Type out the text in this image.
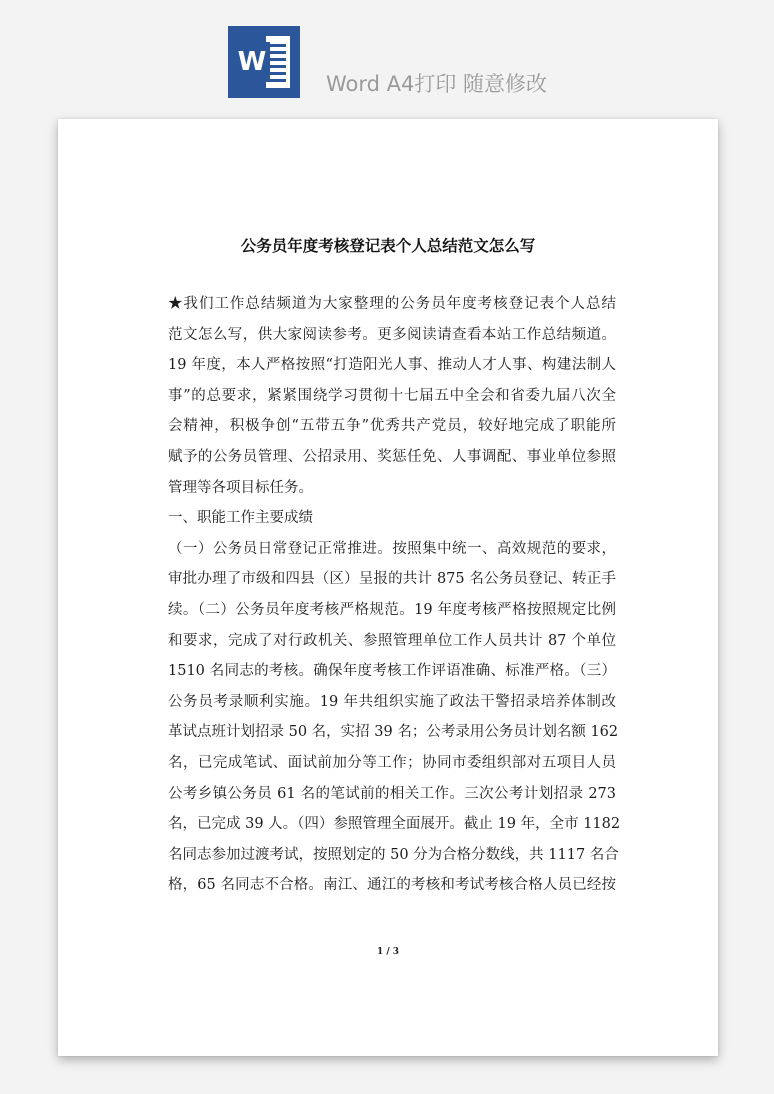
W
Word A4打印 随意修改
公务员年度考核登记表个人总结范文怎么写
★我们工作总结频道为大家整理的公务员年度考核登记表个人总结
范文怎么写，供大家阅读参考。更多阅读请查看本站工作总结频道。
19 年度，本人严格按照“打造阳光人事、推动人才人事、构建法制人
事”的总要求，紧紧围绕学习贯彻十七届五中全会和省委九届八次全
会精神，积极争创“五带五争”优秀共产党员，较好地完成了职能所
赋予的公务员管理、公招录用、奖惩任免、人事调配、事业单位参照
管理等各项目标任务。
一、职能工作主要成绩
（一）公务员日常登记正常推进。按照集中统一、高效规范的要求，
审批办理了市级和四县（区）呈报的共计 875 名公务员登记、转正手
续。（二）公务员年度考核严格规范。19 年度考核严格按照规定比例
和要求，完成了对行政机关、参照管理单位工作人员共计 87 个单位
1510 名同志的考核。确保年度考核工作评语准确、标准严格。（三）
公务员考录顺利实施。19 年共组织实施了政法干警招录培养体制改
革试点班计划招录 50 名，实招 39 名；公考录用公务员计划名额 162
名，已完成笔试、面试前加分等工作；协同市委组织部对五项目人员
公考乡镇公务员 61 名的笔试前的相关工作。三次公考计划招录 273
名，已完成 39 人。（四）参照管理全面展开。截止 19 年，全市 1182
名同志参加过渡考试，按照划定的 50 分为合格分数线，共 1117 名合
格，65 名同志不合格。南江、通江的考核和考试考核合格人员已经按
1 / 3
